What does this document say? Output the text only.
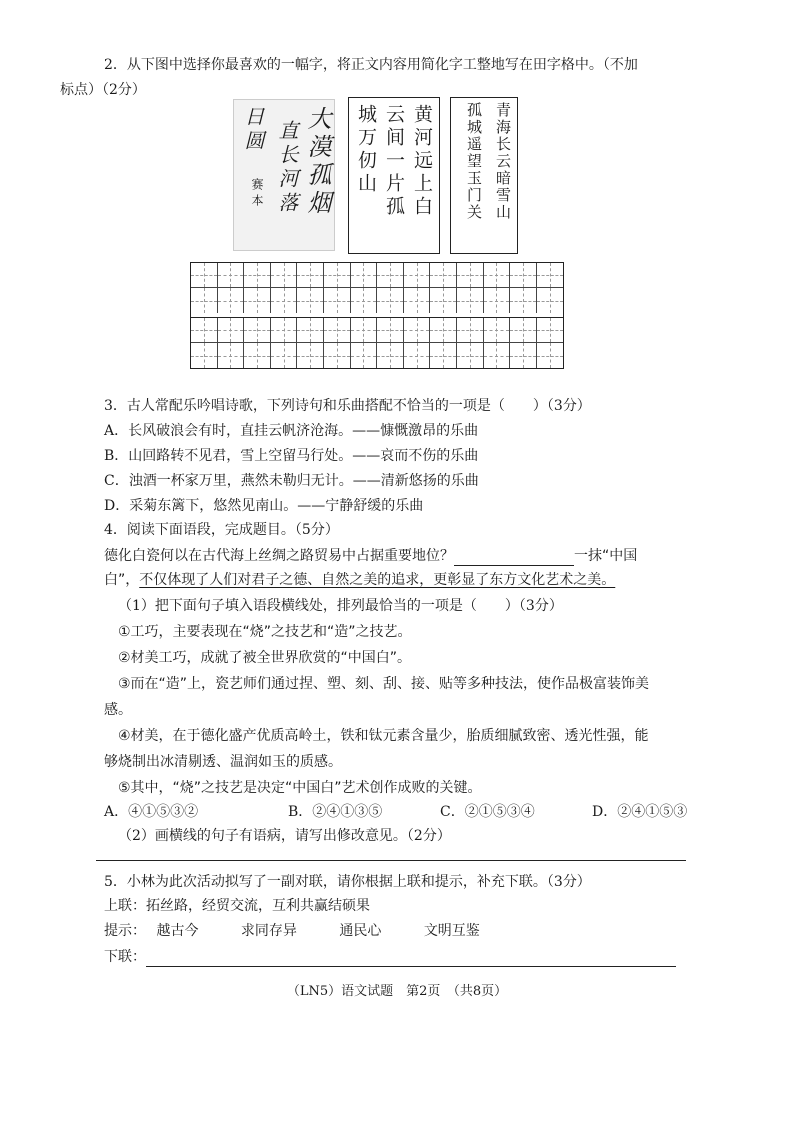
2．从下图中选择你最喜欢的一幅字，将正文内容用简化字工整地写在田字格中。（不加
标点）（2分）
大漠孤烟
直长河落
日圆
赛本	黄河远上白
云间一片孤
城万仞山	青海长云暗雪山
孤城遥望玉门关
3．古人常配乐吟唱诗歌，下列诗句和乐曲搭配不恰当的一项是（　　）（3分）
A．长风破浪会有时，直挂云帆济沧海。——慷慨激昂的乐曲
B．山回路转不见君，雪上空留马行处。——哀而不伤的乐曲
C．浊酒一杯家万里，燕然未勒归无计。——清新悠扬的乐曲
D．采菊东篱下，悠然见南山。——宁静舒缓的乐曲
4．阅读下面语段，完成题目。（5分）
德化白瓷何以在古代海上丝绸之路贸易中占据重要地位？	一抹“中国
白”，不仅体现了人们对君子之德、自然之美的追求，更彰显了东方文化艺术之美。
（1）把下面句子填入语段横线处，排列最恰当的一项是（　　）（3分）
①工巧，主要表现在“烧”之技艺和“造”之技艺。
②材美工巧，成就了被全世界欣赏的“中国白”。
③而在“造”上，瓷艺师们通过捏、塑、刻、刮、接、贴等多种技法，使作品极富装饰美
感。
④材美，在于德化盛产优质高岭土，铁和钛元素含量少，胎质细腻致密、透光性强，能
够烧制出冰清剔透、温润如玉的质感。
⑤其中，“烧”之技艺是决定“中国白”艺术创作成败的关键。
A．④①⑤③②	B．②④①③⑤	C．②①⑤③④	D．②④①⑤③
（2）画横线的句子有语病，请写出修改意见。（2分）
5．小林为此次活动拟写了一副对联，请你根据上联和提示，补充下联。（3分）
上联：拓丝路，经贸交流，互利共赢结硕果
提示： 越古今	求同存异	通民心	文明互鉴
下联：
（LN5）语文试题　第2页　（共8页）
